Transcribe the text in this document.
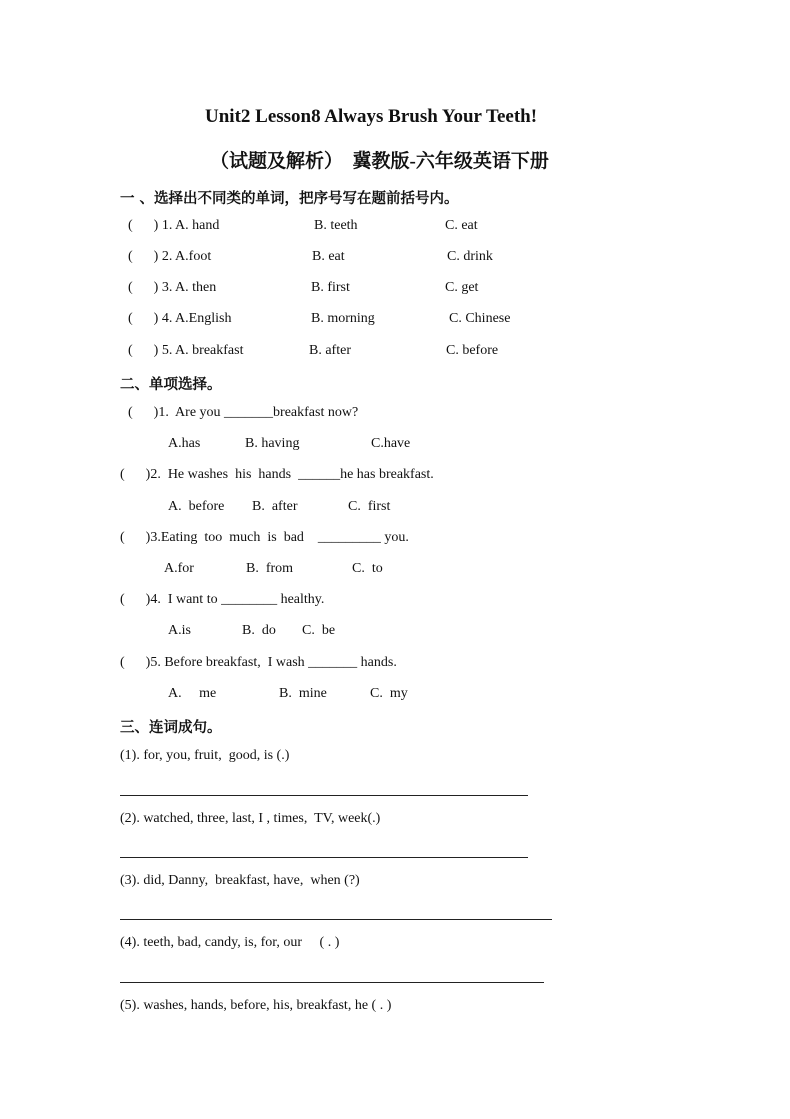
Unit2 Lesson8 Always Brush Your Teeth!
（试题及解析）  冀教版-六年级英语下册
一 、选择出不同类的单词，把序号写在题前括号内。
(      ) 1. A. hand	B. teeth	C. eat
(      ) 2. A.foot	B. eat	C. drink
(      ) 3. A. then	B. first	C. get
(      ) 4. A.English	B. morning	C. Chinese
(      ) 5. A. breakfast	B. after	C. before
二、单项选择。
(      )1.  Are you _______breakfast now?
A.has	B. having	C.have
(      )2.  He washes  his  hands  ______he has breakfast.
A.  before B.  after	C.  first
(      )3.Eating  too  much  is  bad    _________ you.
A.for	B.  from	C.  to
(      )4.  I want to ________ healthy.
A.is	B.  do C.  be
(      )5. Before breakfast,  I wash _______ hands.
A.     me	B.  mine	C.  my
三、连词成句。
(1). for, you, fruit,  good, is (.)
(2). watched, three, last, I , times,  TV, week(.)
(3). did, Danny,  breakfast, have,  when (?)
(4). teeth, bad, candy, is, for, our     ( . )
(5). washes, hands, before, his, breakfast, he ( . )
